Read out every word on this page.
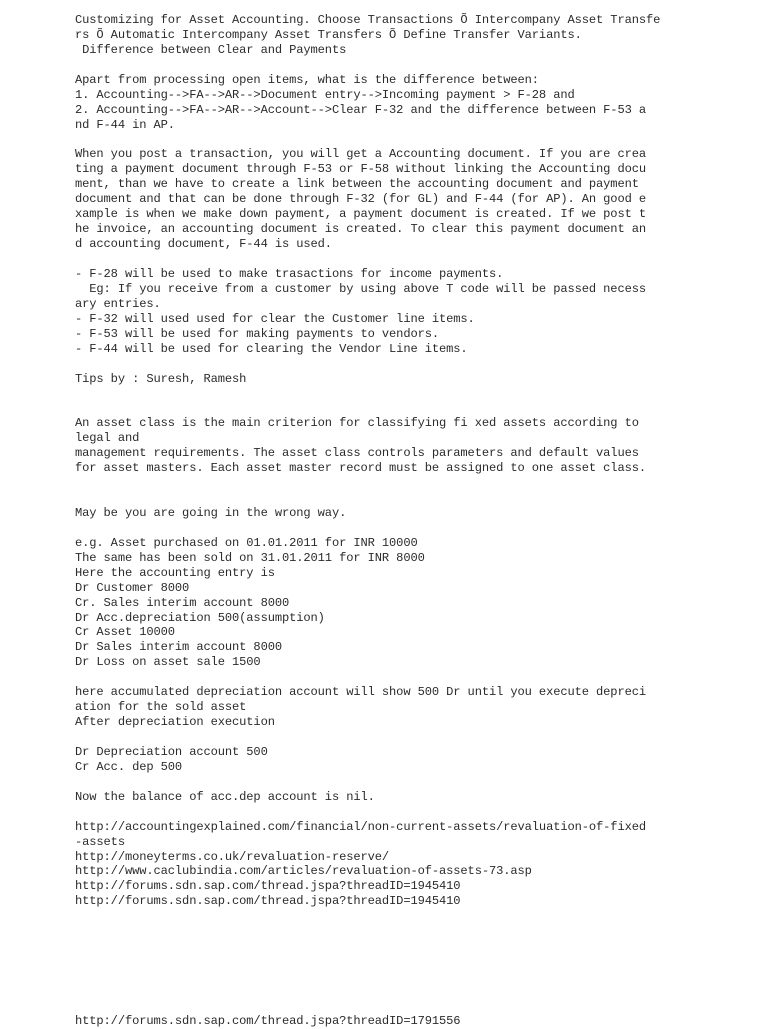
Customizing for Asset Accounting. Choose Transactions Õ Intercompany Asset Transfe
rs Õ Automatic Intercompany Asset Transfers Õ Define Transfer Variants.
Difference between Clear and Payments
Apart from processing open items, what is the difference between:
1. Accounting-->FA-->AR-->Document entry-->Incoming payment > F-28 and
2. Accounting-->FA-->AR-->Account-->Clear F-32 and the difference between F-53 a
nd F-44 in AP.
When you post a transaction, you will get a Accounting document. If you are crea
ting a payment document through F-53 or F-58 without linking the Accounting docu
ment, than we have to create a link between the accounting document and payment
document and that can be done through F-32 (for GL) and F-44 (for AP). An good e
xample is when we make down payment, a payment document is created. If we post t
he invoice, an accounting document is created. To clear this payment document an
d accounting document, F-44 is used.
- F-28 will be used to make trasactions for income payments.
Eg: If you receive from a customer by using above T code will be passed necess
ary entries.
- F-32 will used used for clear the Customer line items.
- F-53 will be used for making payments to vendors.
- F-44 will be used for clearing the Vendor Line items.
Tips by : Suresh, Ramesh
An asset class is the main criterion for classifying fi xed assets according to
legal and
management requirements. The asset class controls parameters and default values
for asset masters. Each asset master record must be assigned to one asset class.
May be you are going in the wrong way.
e.g. Asset purchased on 01.01.2011 for INR 10000
The same has been sold on 31.01.2011 for INR 8000
Here the accounting entry is
Dr Customer 8000
Cr. Sales interim account 8000
Dr Acc.depreciation 500(assumption)
Cr Asset 10000
Dr Sales interim account 8000
Dr Loss on asset sale 1500
here accumulated depreciation account will show 500 Dr until you execute depreci
ation for the sold asset
After depreciation execution
Dr Depreciation account 500
Cr Acc. dep 500
Now the balance of acc.dep account is nil.
http://accountingexplained.com/financial/non-current-assets/revaluation-of-fixed
-assets
http://moneyterms.co.uk/revaluation-reserve/
http://www.caclubindia.com/articles/revaluation-of-assets-73.asp
http://forums.sdn.sap.com/thread.jspa?threadID=1945410
http://forums.sdn.sap.com/thread.jspa?threadID=1945410
http://forums.sdn.sap.com/thread.jspa?threadID=1791556
